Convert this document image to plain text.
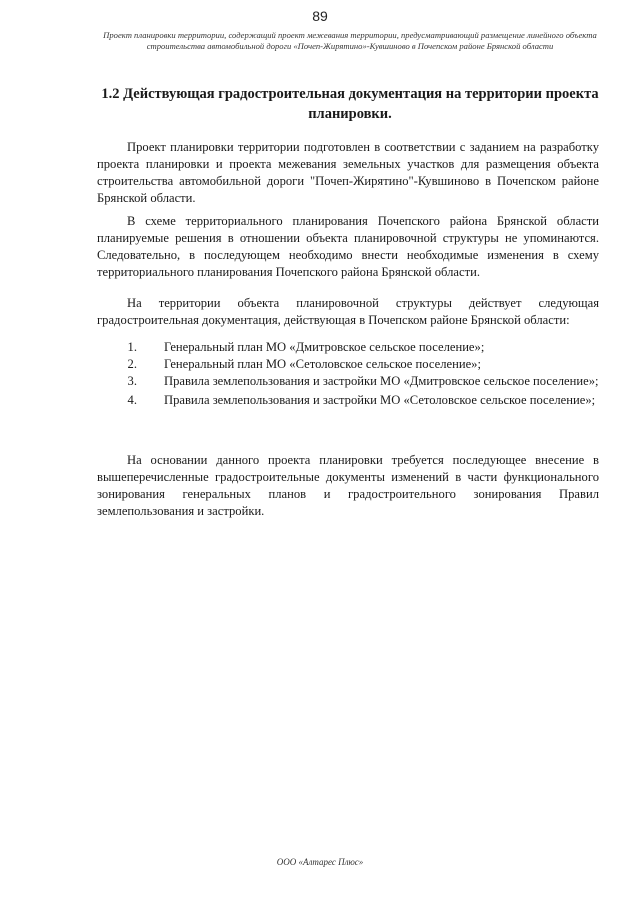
89
Проект планировки территории, содержащий проект межевания территории, предусматривающий размещение линейного объекта строительства автомобильной дороги «Почеп-Жирятино»-Кувшиново в Почепском районе Брянской области
1.2 Действующая градостроительная документация на территории проекта планировки.

Проект планировки территории подготовлен в соответствии с заданием на разработку проекта планировки и проекта межевания земельных участков для размещения объекта строительства автомобильной дороги "Почеп-Жирятино"-Кувшиново в Почепском районе Брянской области.

В схеме территориального планирования Почепского района Брянской области планируемые решения в отношении объекта планировочной структуры не упоминаются. Следовательно, в последующем необходимо внести необходимые изменения в схему территориального планирования Почепского района Брянской области.

На территории объекта планировочной структуры действует следующая градостроительная документация, действующая в Почепском районе Брянской области:

1.	Генеральный план МО «Дмитровское сельское поселение»;
2.	Генеральный план МО «Сетоловское сельское поселение»;
3.	Правила землепользования и застройки МО «Дмитровское сельское поселение»;
4.	Правила землепользования и застройки МО «Сетоловское сельское поселение»;

На основании данного проекта планировки требуется последующее внесение в вышеперечисленные градостроительные документы изменений в части функционального зонирования генеральных планов и градостроительного зонирования Правил землепользования и застройки.

ООО «Алтарес Плюс»
